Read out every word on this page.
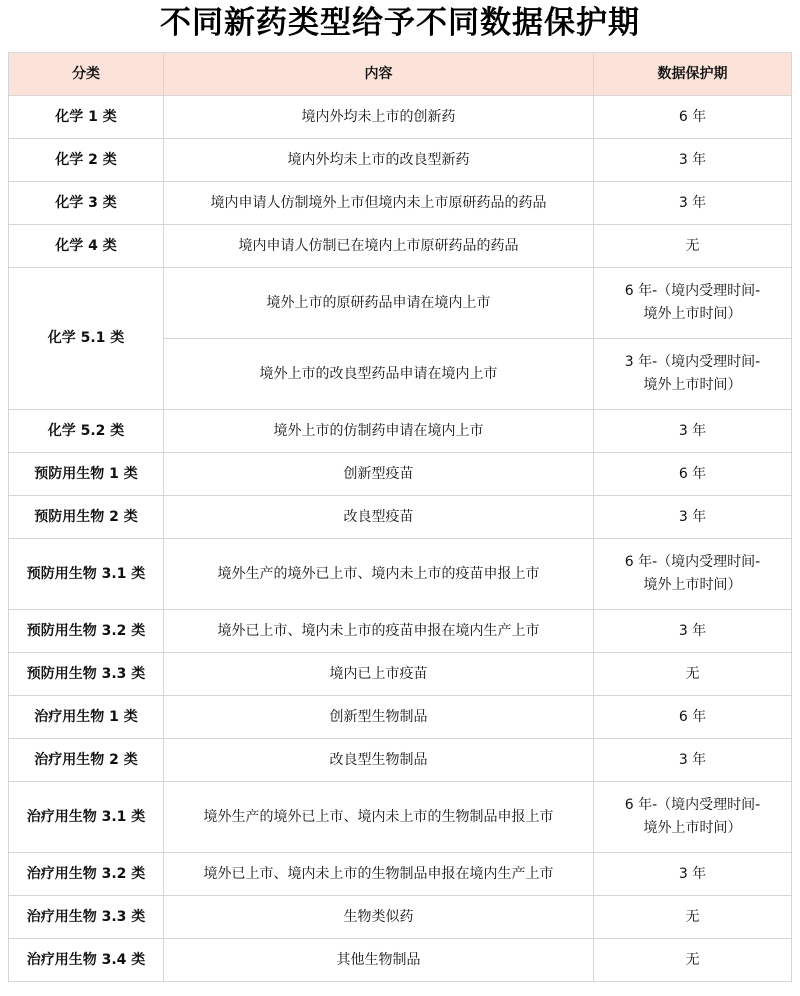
不同新药类型给予不同数据保护期
分类	内容	数据保护期
化学 1 类	境内外均未上市的创新药	6 年
化学 2 类	境内外均未上市的改良型新药	3 年
化学 3 类	境内申请人仿制境外上市但境内未上市原研药品的药品	3 年
化学 4 类	境内申请人仿制已在境内上市原研药品的药品	无
化学 5.1 类	境外上市的原研药品申请在境内上市	6 年-（境内受理时间-
境外上市时间）

	境外上市的改良型药品申请在境内上市	3 年-（境内受理时间-
境外上市时间）

化学 5.2 类	境外上市的仿制药申请在境内上市	3 年
预防用生物 1 类	创新型疫苗	6 年
预防用生物 2 类	改良型疫苗	3 年
预防用生物 3.1 类	境外生产的境外已上市、境内未上市的疫苗申报上市	6 年-（境内受理时间-
境外上市时间）

预防用生物 3.2 类	境外已上市、境内未上市的疫苗申报在境内生产上市	3 年
预防用生物 3.3 类	境内已上市疫苗	无
治疗用生物 1 类	创新型生物制品	6 年
治疗用生物 2 类	改良型生物制品	3 年
治疗用生物 3.1 类	境外生产的境外已上市、境内未上市的生物制品申报上市	6 年-（境内受理时间-
境外上市时间）

治疗用生物 3.2 类	境外已上市、境内未上市的生物制品申报在境内生产上市	3 年
治疗用生物 3.3 类	生物类似药	无
治疗用生物 3.4 类	其他生物制品	无
